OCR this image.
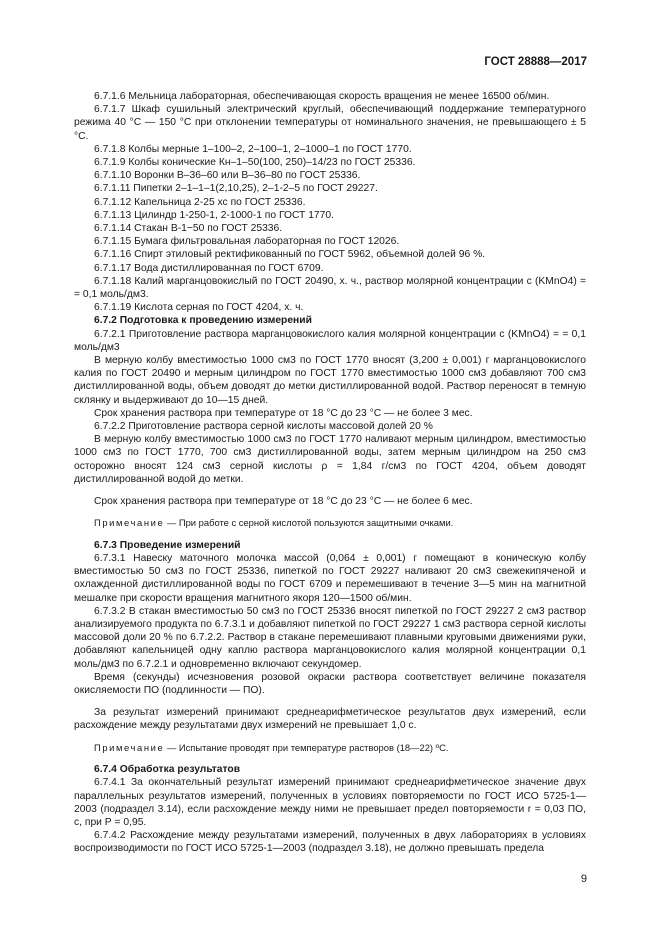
ГОСТ 28888—2017

6.7.1.6 Мельница лабораторная, обеспечивающая скорость вращения не менее 16500 об/мин.

6.7.1.7 Шкаф сушильный электрический круглый, обеспечивающий поддержание температурного режима 40 °С — 150 °С при отклонении температуры от номинального значения, не превышающего ± 5 °С.

6.7.1.8 Колбы мерные 1–100–2, 2–100–1, 2–1000–1 по ГОСТ 1770.

6.7.1.9 Колбы конические Кн–1–50(100, 250)–14/23 по ГОСТ 25336.

6.7.1.10 Воронки В–36–60 или В–36–80 по ГОСТ 25336.

6.7.1.11 Пипетки 2–1–1–1(2,10,25), 2–1-2–5 по ГОСТ 29227.

6.7.1.12 Капельница 2-25 хс по ГОСТ 25336.

6.7.1.13 Цилиндр 1-250-1, 2-1000-1 по ГОСТ 1770.

6.7.1.14 Стакан В-1−50 по ГОСТ 25336.

6.7.1.15 Бумага фильтровальная лабораторная по ГОСТ 12026.

6.7.1.16 Спирт этиловый ректификованный по ГОСТ 5962, объемной долей 96 %.

6.7.1.17 Вода дистиллированная по ГОСТ 6709.

6.7.1.18 Калий марганцовокислый по ГОСТ 20490, х. ч., раствор молярной концентрации с (KMnO4) = = 0,1 моль/дм3.

6.7.1.19 Кислота серная по ГОСТ 4204, х. ч.

6.7.2 Подготовка к проведению измерений

6.7.2.1 Приготовление раствора марганцовокислого калия молярной концентрации с (KMnO4) = = 0,1 моль/дм3

В мерную колбу вместимостью 1000 см3 по ГОСТ 1770 вносят (3,200 ± 0,001) г марганцовокислого калия по ГОСТ 20490 и мерным цилиндром по ГОСТ 1770 вместимостью 1000 см3 добавляют 700 см3 дистиллированной воды, объем доводят до метки дистиллированной водой. Раствор переносят в темную склянку и выдерживают до 10—15 дней.

Срок хранения раствора при температуре от 18 °С до 23 °С — не более 3 мес.

6.7.2.2 Приготовление раствора серной кислоты массовой долей 20 %

В мерную колбу вместимостью 1000 см3 по ГОСТ 1770 наливают мерным цилиндром, вместимостью 1000 см3 по ГОСТ 1770, 700 см3 дистиллированной воды, затем мерным цилиндром на 250 см3 осторожно вносят 124 см3 серной кислоты ρ = 1,84 г/см3 по ГОСТ 4204, объем доводят дистиллированной водой до метки.

Срок хранения раствора при температуре от 18 °С до 23 °С — не более 6 мес.

Примечание — При работе с серной кислотой пользуются защитными очками.

6.7.3 Проведение измерений

6.7.3.1 Навеску маточного молочка массой (0,064 ± 0,001) г помещают в коническую колбу вместимостью 50 см3 по ГОСТ 25336, пипеткой по ГОСТ 29227 наливают 20 см3 свежекипяченой и охлажденной дистиллированной воды по ГОСТ 6709 и перемешивают в течение 3—5 мин на магнитной мешалке при скорости вращения магнитного якоря 120—1500 об/мин.

6.7.3.2 В стакан вместимостью 50 см3 по ГОСТ 25336 вносят пипеткой по ГОСТ 29227 2 см3 раствор анализируемого продукта по 6.7.3.1 и добавляют пипеткой по ГОСТ 29227 1 см3 раствора серной кислоты массовой доли 20 % по 6.7.2.2. Раствор в стакане перемешивают плавными круговыми движениями руки, добавляют капельницей одну каплю раствора марганцовокислого калия молярной концентрации 0,1 моль/дм3 по 6.7.2.1 и одновременно включают секундомер.

Время (секунды) исчезновения розовой окраски раствора соответствует величине показателя окисляемости ПО (подлинности — ПО).

За результат измерений принимают среднеарифметическое результатов двух измерений, если расхождение между результатами двух измерений не превышает 1,0 с.

Примечание — Испытание проводят при температуре растворов (18—22) ºС.

6.7.4 Обработка результатов

6.7.4.1 За окончательный результат измерений принимают среднеарифметическое значение двух параллельных результатов измерений, полученных в условиях повторяемости по ГОСТ ИСО 5725-1—2003 (подраздел 3.14), если расхождение между ними не превышает предел повторяемости r = 0,03 ПО, с, при Р = 0,95.

6.7.4.2 Расхождение между результатами измерений, полученных в двух лабораториях в условиях воспроизводимости по ГОСТ ИСО 5725-1—2003 (подраздел 3.18), не должно превышать предела

9
